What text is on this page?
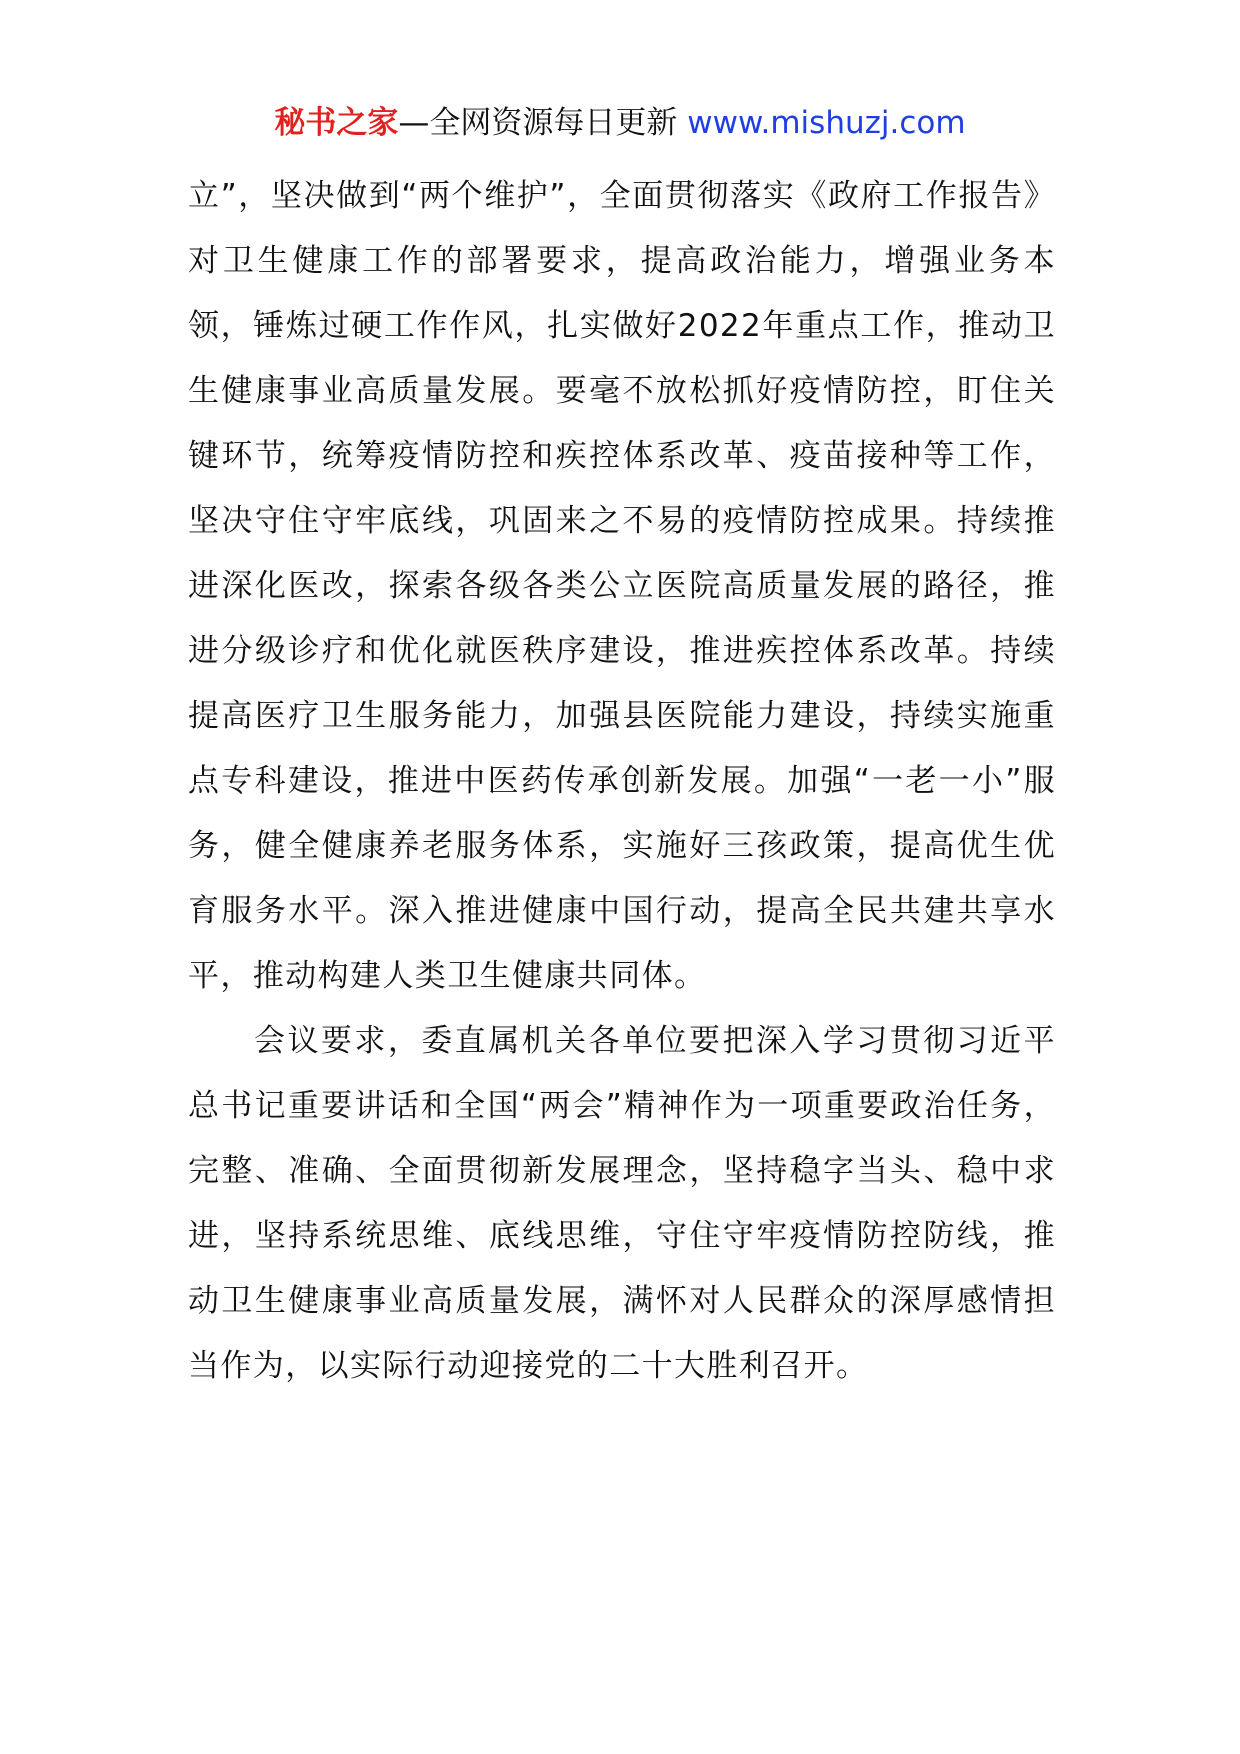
秘书之家—全网资源每日更新 www.mishuzj.com

立”，坚决做到“两个维护”，全面贯彻落实《政府工作报告》对卫生健康工作的部署要求，提高政治能力，增强业务本领，锤炼过硬工作作风，扎实做好2022年重点工作，推动卫生健康事业高质量发展。要毫不放松抓好疫情防控，盯住关键环节，统筹疫情防控和疾控体系改革、疫苗接种等工作，坚决守住守牢底线，巩固来之不易的疫情防控成果。持续推进深化医改，探索各级各类公立医院高质量发展的路径，推进分级诊疗和优化就医秩序建设，推进疾控体系改革。持续提高医疗卫生服务能力，加强县医院能力建设，持续实施重点专科建设，推进中医药传承创新发展。加强“一老一小”服务，健全健康养老服务体系，实施好三孩政策，提高优生优育服务水平。深入推进健康中国行动，提高全民共建共享水平，推动构建人类卫生健康共同体。

会议要求，委直属机关各单位要把深入学习贯彻习近平总书记重要讲话和全国“两会”精神作为一项重要政治任务，完整、准确、全面贯彻新发展理念，坚持稳字当头、稳中求进，坚持系统思维、底线思维，守住守牢疫情防控防线，推动卫生健康事业高质量发展，满怀对人民群众的深厚感情担当作为，以实际行动迎接党的二十大胜利召开。
